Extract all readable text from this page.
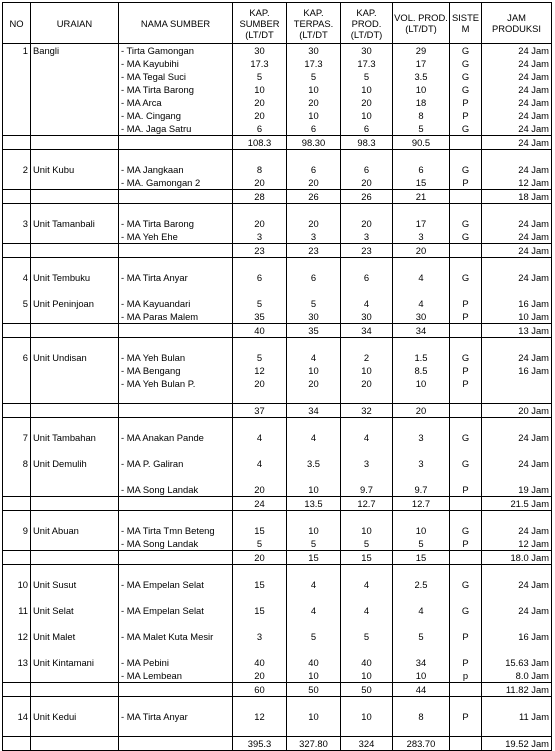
NO	URAIAN	NAMA SUMBER	KAP. SUMBER (LT/DT	KAP. TERPAS. (LT/DT	KAP. PROD. (LT/DT)	VOL. PROD. (LT/DT)	SISTE M	JAM PRODUKSI
1	Bangli	- Tirta Gamongan	30	30	30	29	G	24 Jam
		- MA Kayubihi	17.3	17.3	17.3	17	G	24 Jam
		- MA Tegal Suci	5	5	5	3.5	G	24 Jam
		- MA Tirta Barong	10	10	10	10	G	24 Jam
		- MA Arca	20	20	20	18	P	24 Jam
		- MA. Cingang	20	10	10	8	P	24 Jam
		- MA. Jaga Satru	6	6	6	5	G	24 Jam
			108.3	98.30	98.3	90.5		24 Jam

2	Unit Kubu	- MA Jangkaan	8	6	6	6	G	24 Jam
		- MA. Gamongan 2	20	20	20	15	P	12 Jam
			28	26	26	21		18 Jam

3	Unit Tamanbali	- MA Tirta Barong	20	20	20	17	G	24 Jam
		- MA Yeh Ehe	3	3	3	3	G	24 Jam
			23	23	23	20		24 Jam

4	Unit Tembuku	- MA Tirta Anyar	6	6	6	4	G	24 Jam

5	Unit Peninjoan	- MA Kayuandari	5	5	4	4	P	16 Jam
		- MA Paras Malem	35	30	30	30	P	10 Jam
			40	35	34	34		13 Jam

6	Unit Undisan	- MA Yeh Bulan	5	4	2	1.5	G	24 Jam
		- MA Bengang	12	10	10	8.5	P	16 Jam
		- MA Yeh Bulan P.	20	20	20	10	P	

			37	34	32	20		20 Jam

7	Unit Tambahan	- MA Anakan Pande	4	4	4	3	G	24 Jam

8	Unit Demulih	- MA P. Galiran	4	3.5	3	3	G	24 Jam

		- MA Song Landak	20	10	9.7	9.7	P	19 Jam
			24	13.5	12.7	12.7		21.5 Jam

9	Unit Abuan	- MA Tirta Tmn Beteng	15	10	10	10	G	24 Jam
		- MA Song Landak	5	5	5	5	P	12 Jam
			20	15	15	15		18.0 Jam

10	Unit Susut	- MA Empelan Selat	15	4	4	2.5	G	24 Jam

11	Unit Selat	- MA Empelan Selat	15	4	4	4	G	24 Jam

12	Unit Malet	- MA Malet Kuta Mesir	3	5	5	5	P	16 Jam

13	Unit Kintamani	- MA Pebini	40	40	40	34	P	15.63 Jam
		- MA Lembean	20	10	10	10	p	8.0 Jam
			60	50	50	44		11.82 Jam

14	Unit Kedui	- MA Tirta Anyar	12	10	10	8	P	11 Jam

			395.3	327.80	324	283.70		19.52 Jam
